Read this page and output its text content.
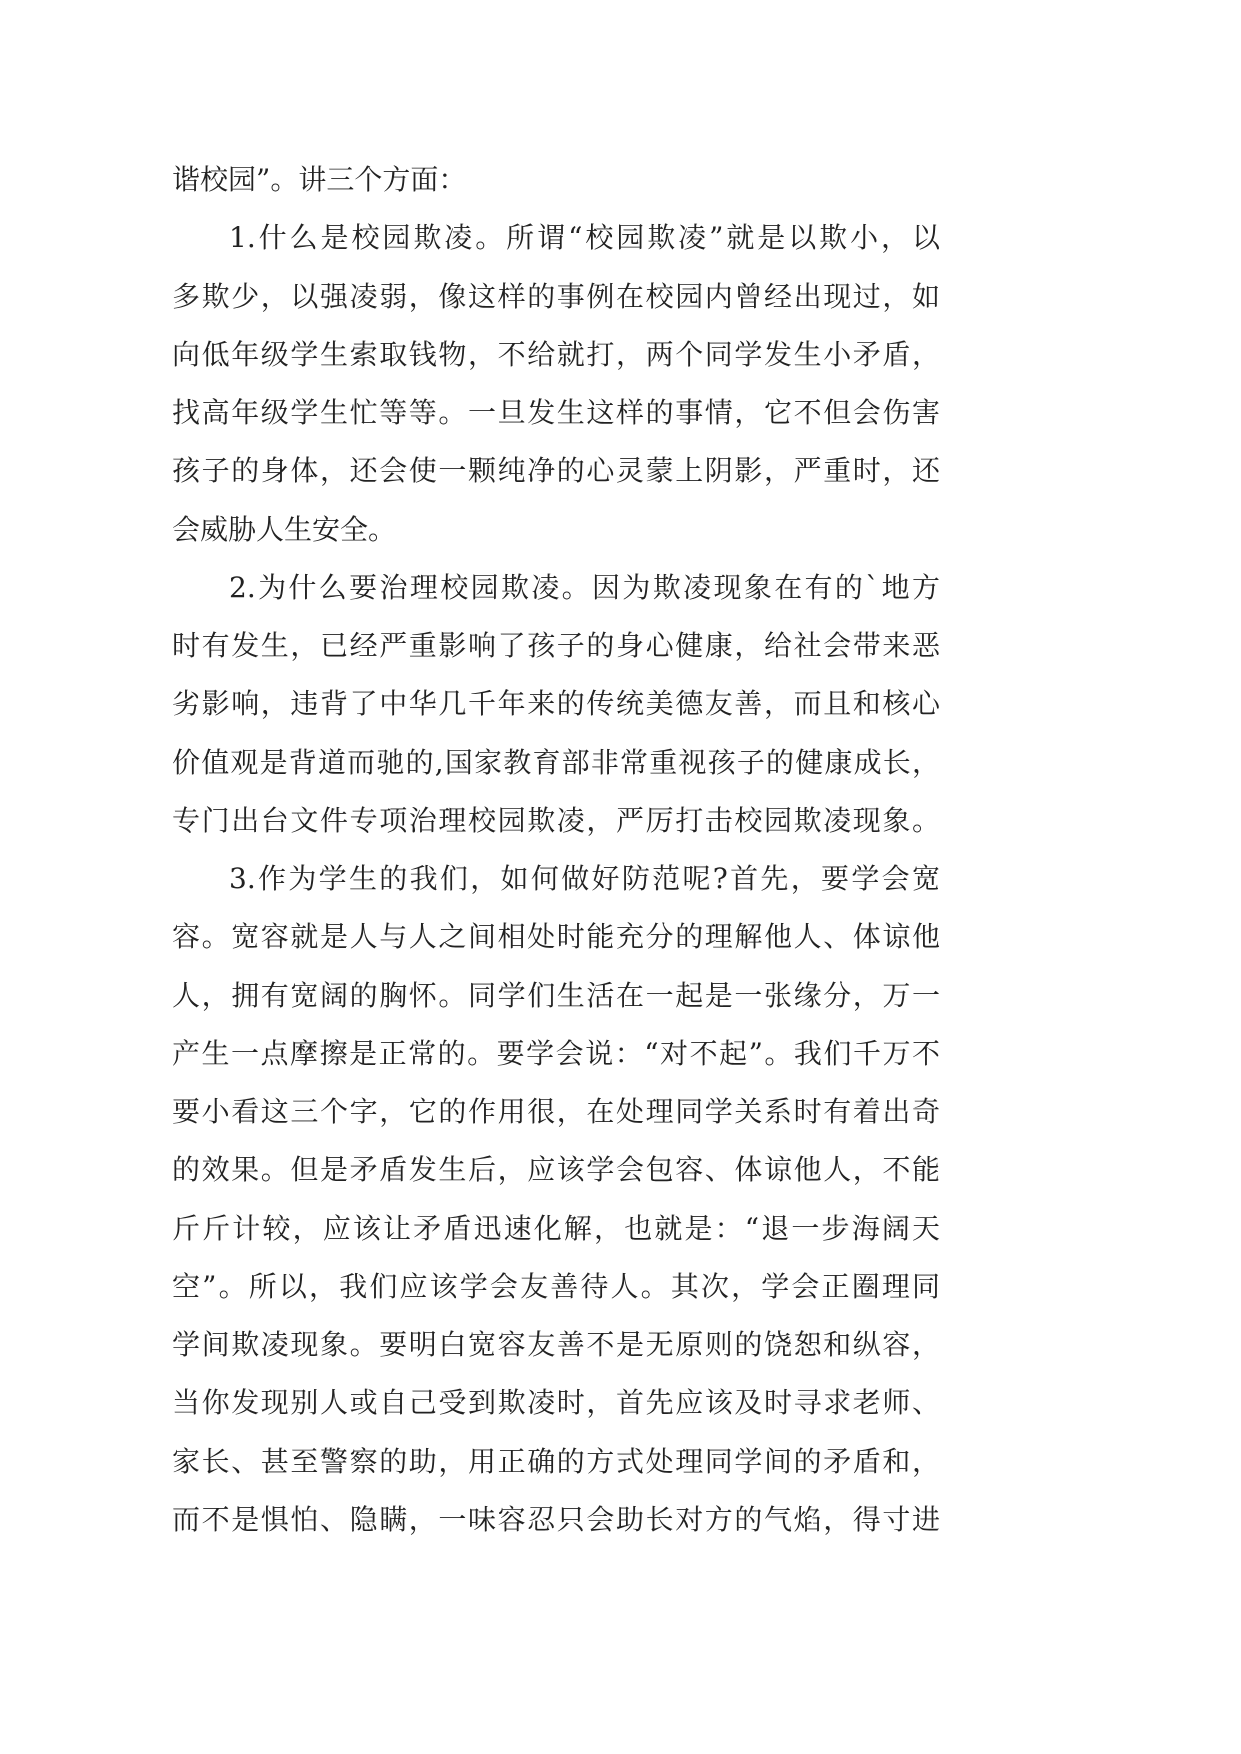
谐校园”。讲三个方面：
1.什么是校园欺凌。所谓“校园欺凌”就是以欺小，以
多欺少，以强凌弱，像这样的事例在校园内曾经出现过，如
向低年级学生索取钱物，不给就打，两个同学发生小矛盾，
找高年级学生忙等等。一旦发生这样的事情，它不但会伤害
孩子的身体，还会使一颗纯净的心灵蒙上阴影，严重时，还
会威胁人生安全。
2.为什么要治理校园欺凌。因为欺凌现象在有的`地方
时有发生，已经严重影响了孩子的身心健康，给社会带来恶
劣影响，违背了中华几千年来的传统美德友善，而且和核心
价值观是背道而驰的,国家教育部非常重视孩子的健康成长，
专门出台文件专项治理校园欺凌，严厉打击校园欺凌现象。
3.作为学生的我们，如何做好防范呢?首先，要学会宽
容。宽容就是人与人之间相处时能充分的理解他人、体谅他
人，拥有宽阔的胸怀。同学们生活在一起是一张缘分，万一
产生一点摩擦是正常的。要学会说：“对不起”。我们千万不
要小看这三个字，它的作用很，在处理同学关系时有着出奇
的效果。但是矛盾发生后，应该学会包容、体谅他人，不能
斤斤计较，应该让矛盾迅速化解，也就是：“退一步海阔天
空”。所以，我们应该学会友善待人。其次，学会正圈理同
学间欺凌现象。要明白宽容友善不是无原则的饶恕和纵容，
当你发现别人或自己受到欺凌时，首先应该及时寻求老师、
家长、甚至警察的助，用正确的方式处理同学间的矛盾和，
而不是惧怕、隐瞒，一味容忍只会助长对方的气焰，得寸进
